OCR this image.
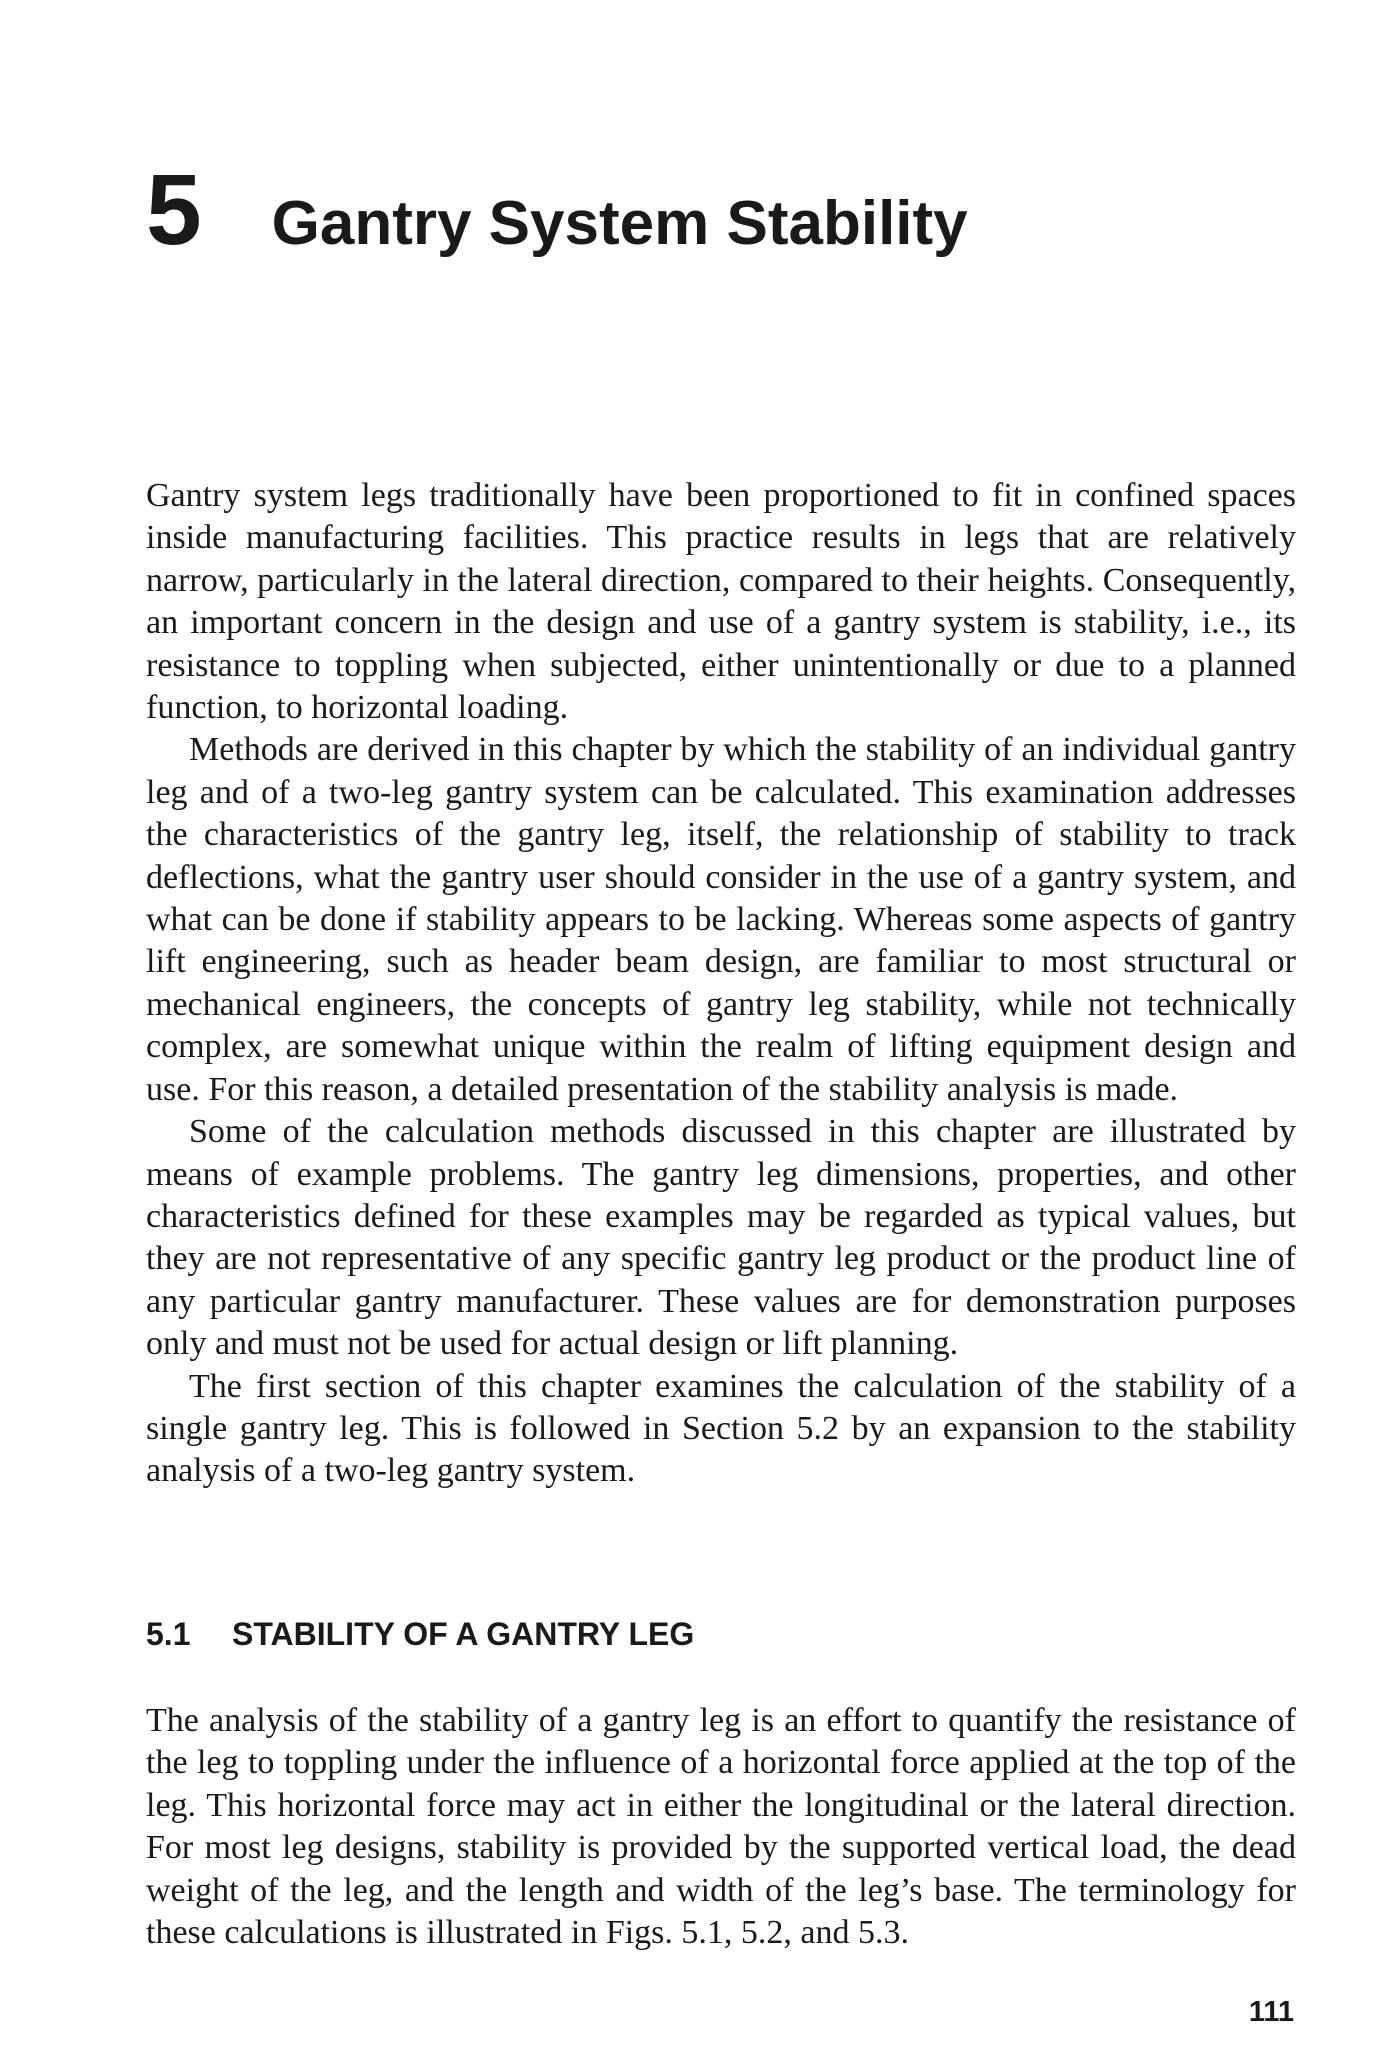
5 Gantry System Stability

Gantry system legs traditionally have been proportioned to fit in confined spaces inside manufacturing facilities. This practice results in legs that are relatively narrow, particularly in the lateral direction, compared to their heights. Consequently, an important concern in the design and use of a gantry system is stability, i.e., its resistance to toppling when subjected, either unintentionally or due to a planned function, to horizontal loading.

Methods are derived in this chapter by which the stability of an individual gantry leg and of a two-leg gantry system can be calculated. This examination addresses the characteristics of the gantry leg, itself, the relationship of stability to track deflections, what the gantry user should consider in the use of a gantry system, and what can be done if stability appears to be lacking. Whereas some aspects of gantry lift engineering, such as header beam design, are familiar to most structural or mechanical engineers, the concepts of gantry leg stability, while not technically complex, are somewhat unique within the realm of lifting equipment design and use. For this reason, a detailed presentation of the stability analysis is made.

Some of the calculation methods discussed in this chapter are illustrated by means of example problems. The gantry leg dimensions, properties, and other characteristics defined for these examples may be regarded as typical values, but they are not representative of any specific gantry leg product or the product line of any particular gantry manufacturer. These values are for demonstration purposes only and must not be used for actual design or lift planning.

The first section of this chapter examines the calculation of the stability of a single gantry leg. This is followed in Section 5.2 by an expansion to the stability analysis of a two-leg gantry system.

5.1 STABILITY OF A GANTRY LEG

The analysis of the stability of a gantry leg is an effort to quantify the resistance of the leg to toppling under the influence of a horizontal force applied at the top of the leg. This horizontal force may act in either the longitudinal or the lateral direction. For most leg designs, stability is provided by the supported vertical load, the dead weight of the leg, and the length and width of the leg’s base. The terminology for these calculations is illustrated in Figs. 5.1, 5.2, and 5.3.

111
